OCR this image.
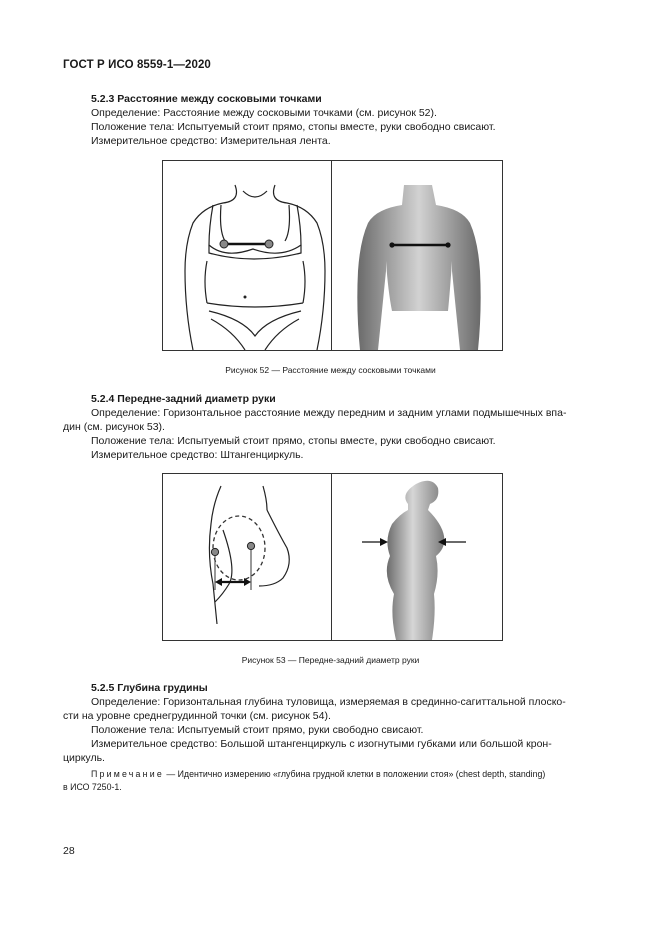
ГОСТ Р ИСО 8559-1—2020
5.2.3 Расстояние между сосковыми точками
Определение: Расстояние между сосковыми точками (см. рисунок 52).
Положение тела: Испытуемый стоит прямо, стопы вместе, руки свободно свисают.
Измерительное средство: Измерительная лента.
Рисунок 52 — Расстояние между сосковыми точками
5.2.4 Передне-задний диаметр руки
Определение: Горизонтальное расстояние между передним и задним углами подмышечных впа-
дин (см. рисунок 53).
Положение тела: Испытуемый стоит прямо, стопы вместе, руки свободно свисают.
Измерительное средство: Штангенциркуль.
Рисунок 53 — Передне-задний диаметр руки
5.2.5 Глубина грудины
Определение: Горизонтальная глубина туловища, измеряемая в срединно-сагиттальной плоско-
сти на уровне среднегрудинной точки (см. рисунок 54).
Положение тела: Испытуемый стоит прямо, руки свободно свисают.
Измерительное средство: Большой штангенциркуль с изогнутыми губками или большой крон-
циркуль.
Примечание — Идентично измерению «глубина грудной клетки в положении стоя» (chest depth, standing)
в ИСО 7250-1.
28
